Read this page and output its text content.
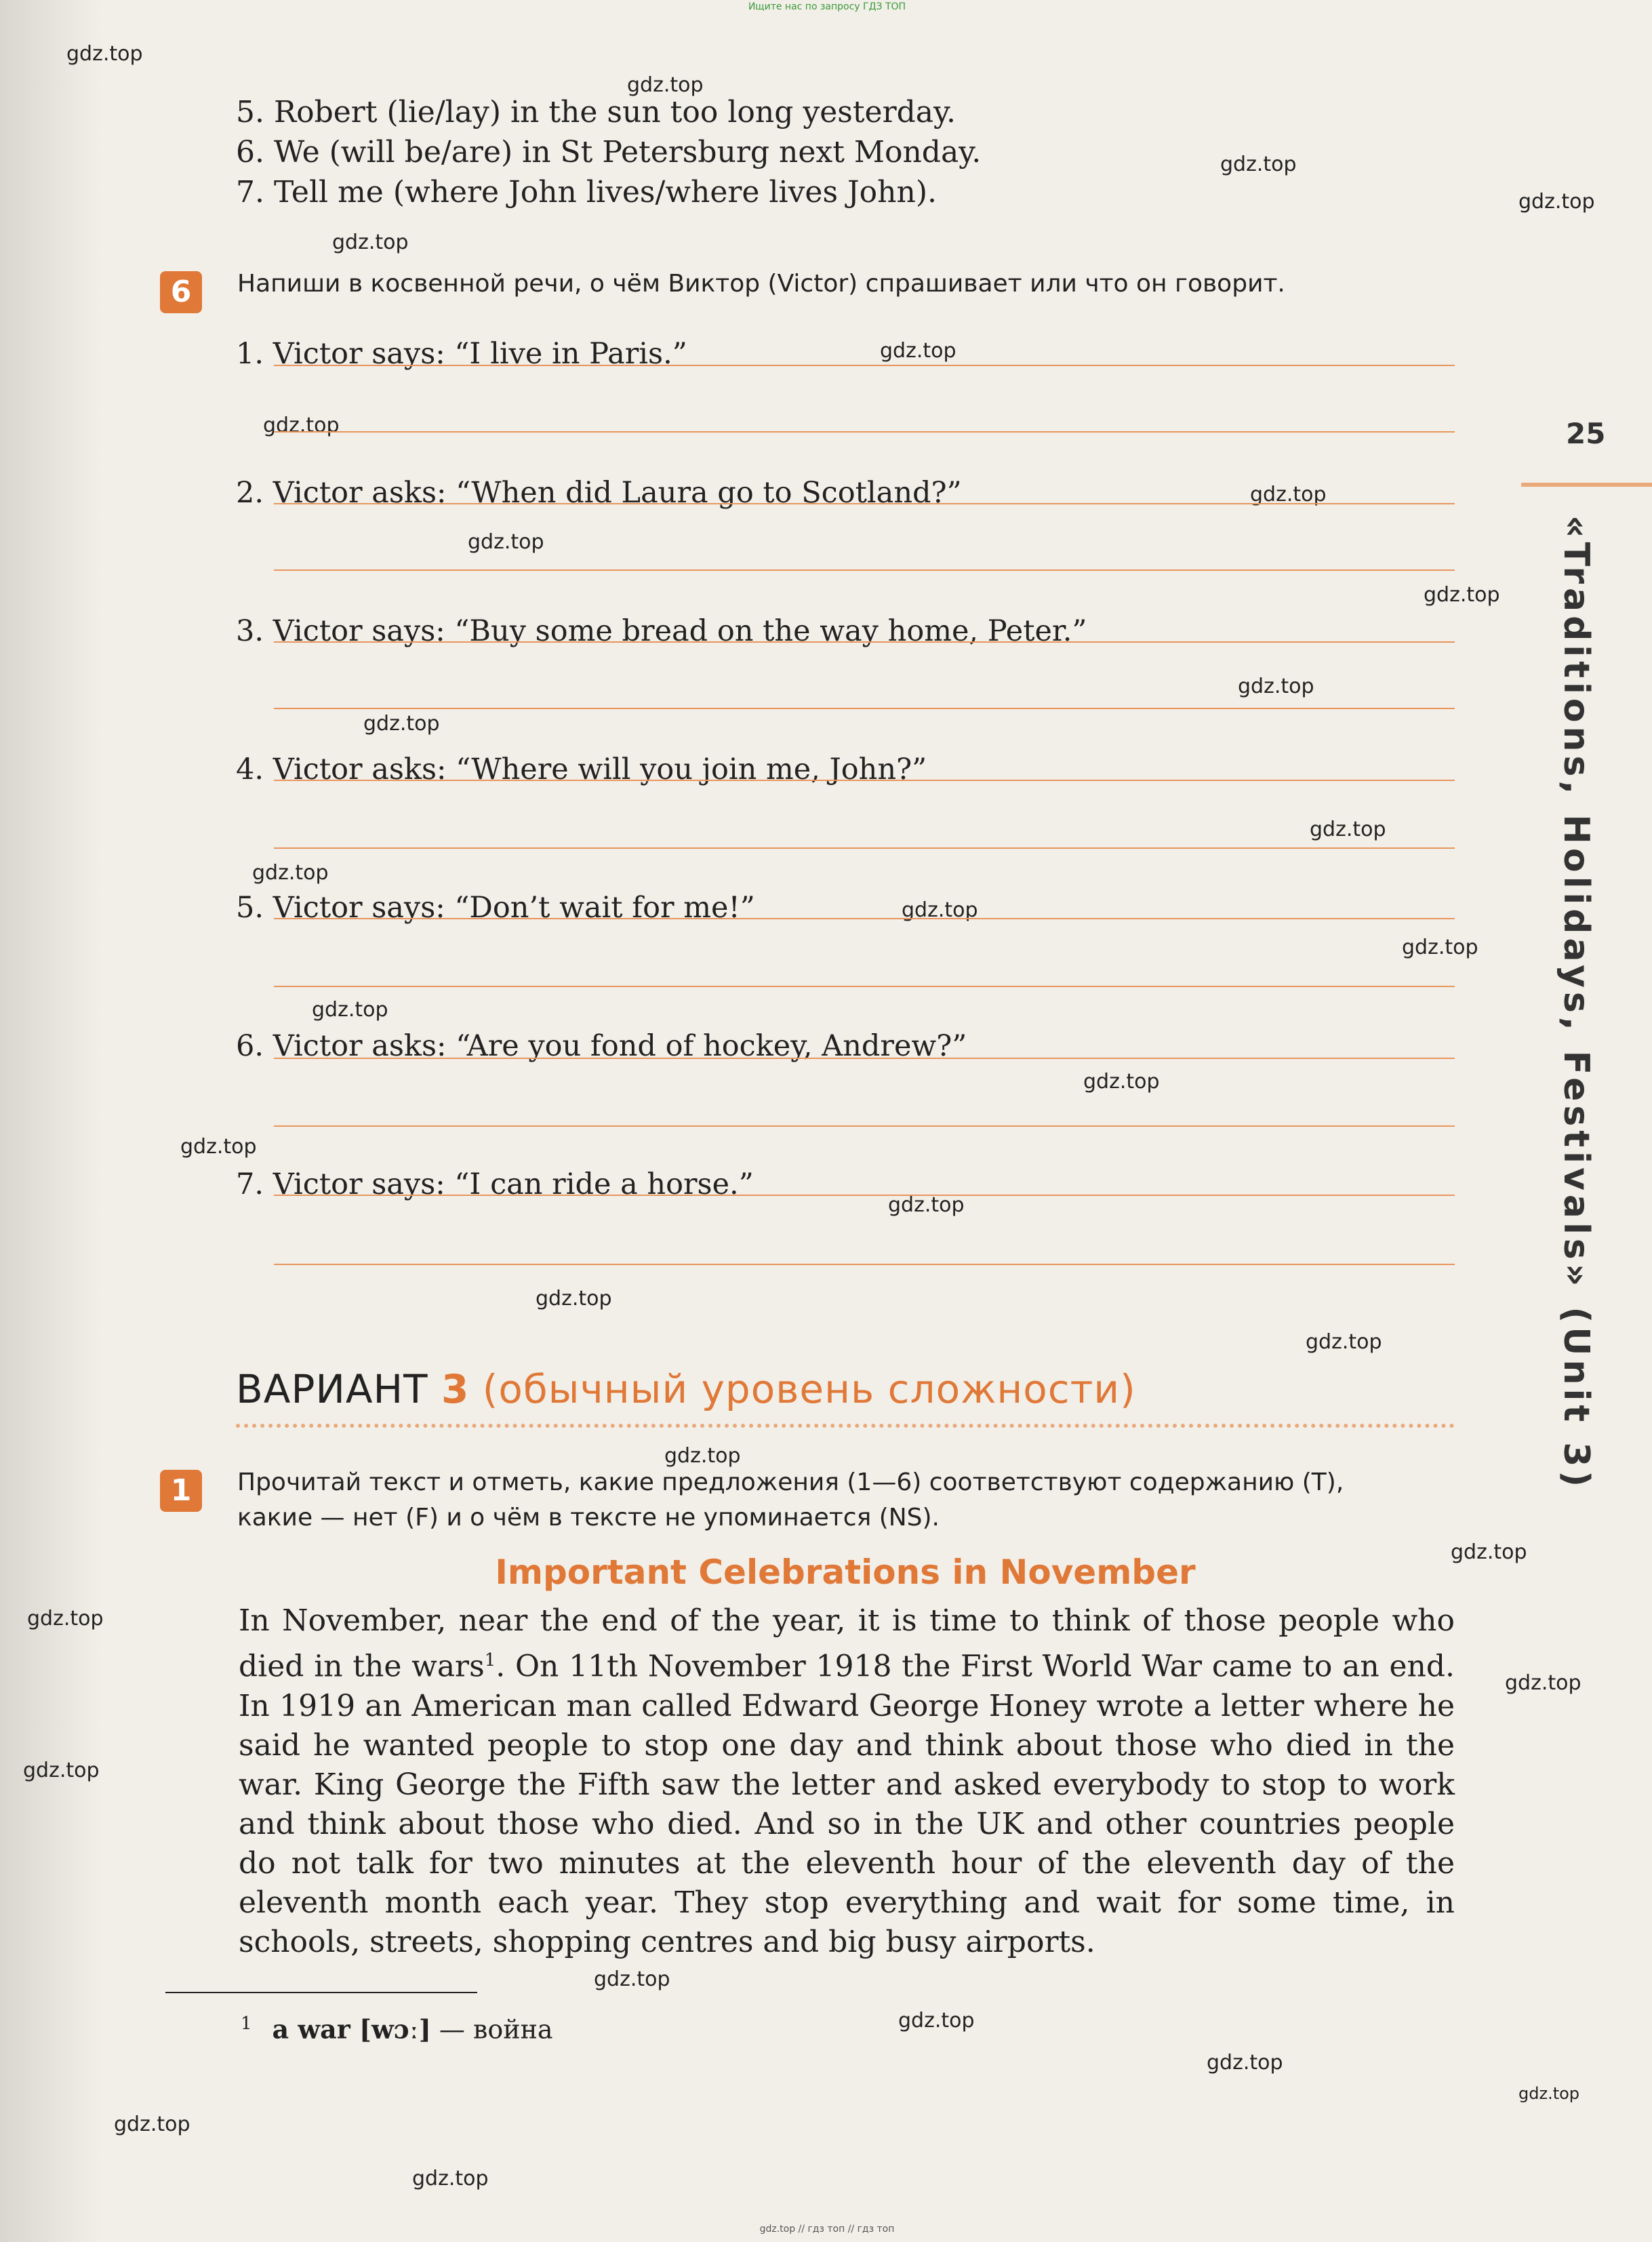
Ищите нас по запросу ГДЗ ТОП
gdz.top // гдз топ // гдз топ
gdz.top
gdz.top
gdz.top
gdz.top
gdz.top
gdz.top
gdz.top
gdz.top
gdz.top
gdz.top
gdz.top
gdz.top
gdz.top
gdz.top
gdz.top
gdz.top
gdz.top
gdz.top
gdz.top
gdz.top
gdz.top
gdz.top
gdz.top
gdz.top
gdz.top
gdz.top
gdz.top
gdz.top
gdz.top
gdz.top
gdz.top
gdz.top
gdz.top
5. Robert (lie/lay) in the sun too long yesterday.
6. We (will be/are) in St Petersburg next Monday.
7. Tell me (where John lives/where lives John).
6	Напиши в косвенной речи, о чём Виктор (Victor) спрашивает или что он говорит.
1. Victor says: “I live in Paris.”
2. Victor asks: “When did Laura go to Scotland?”
3. Victor says: “Buy some bread on the way home, Peter.”
4. Victor asks: “Where will you join me, John?”
5. Victor says: “Don’t wait for me!”
6. Victor asks: “Are you fond of hockey, Andrew?”
7. Victor says: “I can ride a horse.”
ВАРИАНТ 3 (обычный уровень сложности)
1	Прочитай текст и отметь, какие предложения (1—6) соответствуют содержанию (T),
какие — нет (F) и о чём в тексте не упоминается (NS).
Important Celebrations in November

In November, near the end of the year, it is time to think of those people who died in the wars$^1$. On 11th November 1918 the First World War came to an end. In 1919 an American man called Edward George Honey wrote a letter where he said he wanted people to stop one day and think about those who died in the war. King George the Fifth saw the letter and asked everybody to stop to work and think about those who died. And so in the UK and other countries people do not talk for two minutes at the eleventh hour of the eleventh day of the eleventh month each year. They stop everything and wait for some time, in schools, streets, shopping centres and big busy airports.

$^1$ a war [wɔː] — война
25
«Traditions, Holidays, Festivals» (Unit 3)
